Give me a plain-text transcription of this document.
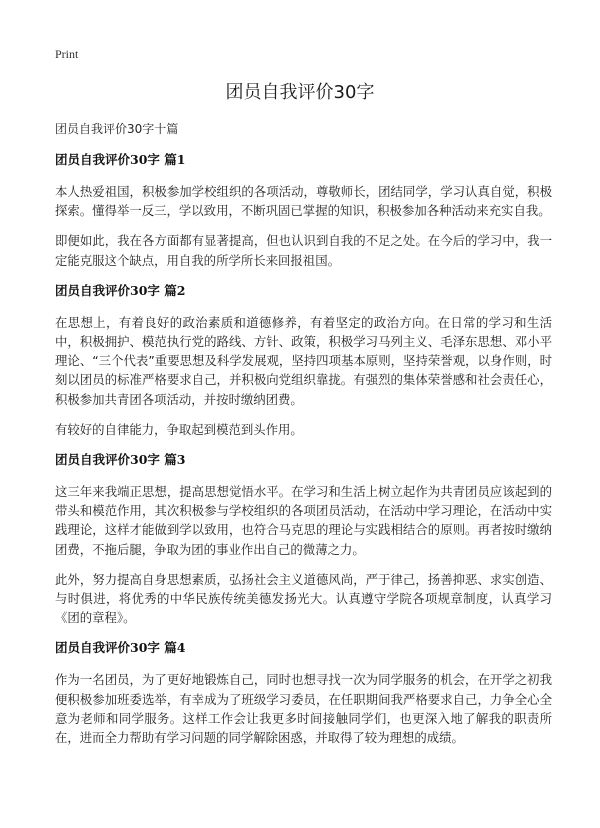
Print
团员自我评价30字
团员自我评价30字十篇
团员自我评价30字 篇1

本人热爱祖国，积极参加学校组织的各项活动，尊敬师长，团结同学，学习认真自觉，积极探索。懂得举一反三，学以致用，不断巩固已掌握的知识，积极参加各种活动来充实自我。

即便如此，我在各方面都有显著提高，但也认识到自我的不足之处。在今后的学习中，我一定能克服这个缺点，用自我的所学所长来回报祖国。

团员自我评价30字 篇2

在思想上，有着良好的政治素质和道德修养，有着坚定的政治方向。在日常的学习和生活中，积极拥护、模范执行党的路线、方针、政策，积极学习马列主义、毛泽东思想、邓小平理论、“三个代表”重要思想及科学发展观，坚持四项基本原则，坚持荣誉观，以身作则，时刻以团员的标准严格要求自己，并积极向党组织靠拢。有强烈的集体荣誉感和社会责任心，积极参加共青团各项活动，并按时缴纳团费。

有较好的自律能力，争取起到模范到头作用。

团员自我评价30字 篇3

这三年来我端正思想，提高思想觉悟水平。在学习和生活上树立起作为共青团员应该起到的带头和模范作用，其次积极参与学校组织的各项团员活动，在活动中学习理论，在活动中实践理论，这样才能做到学以致用，也符合马克思的理论与实践相结合的原则。再者按时缴纳团费，不拖后腿，争取为团的事业作出自己的微薄之力。

此外，努力提高自身思想素质，弘扬社会主义道德风尚，严于律己，扬善抑恶、求实创造、与时俱进，将优秀的中华民族传统美德发扬光大。认真遵守学院各项规章制度，认真学习《团的章程》。

团员自我评价30字 篇4

作为一名团员，为了更好地锻炼自己，同时也想寻找一次为同学服务的机会，在开学之初我便积极参加班委选举，有幸成为了班级学习委员，在任职期间我严格要求自己，力争全心全意为老师和同学服务。这样工作会让我更多时间接触同学们，也更深入地了解我的职责所在，进而全力帮助有学习问题的同学解除困惑，并取得了较为理想的成绩。
